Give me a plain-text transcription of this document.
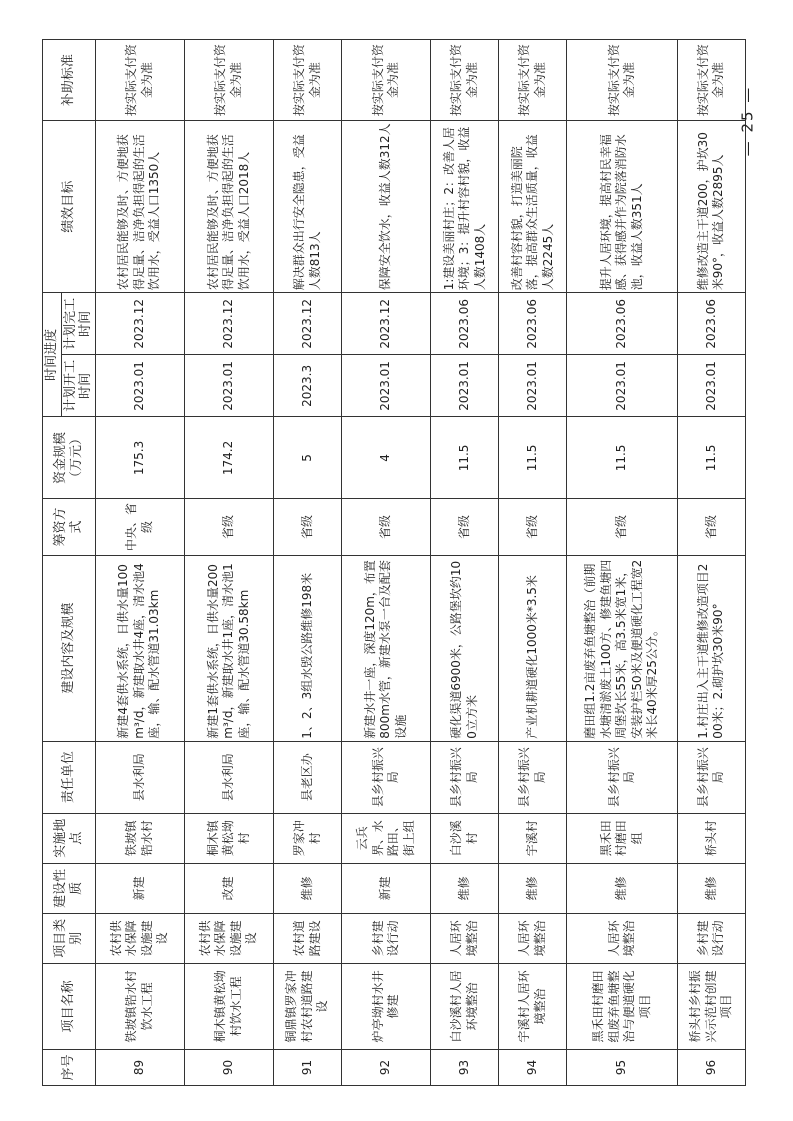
序号	项目名称	项目类别	建设性质	实施地点	责任单位	建设内容及规模	筹资方式	资金规模（万元）	时间进度		绩效目标	补助标准
									计划开工时间	计划完工时间		
89	铁坡镇锆水村饮水工程	农村供水保障设施建设	新建	铁坡镇锆水村	县水利局	新建4套供水系统，日供水量100m³/d，新建取水井4座，清水池4座，输、配水管道31.03km	中央、省级	175.3	2023.01	2023.12	农村居民能够及时、方便地获得足量、洁净负担得起的生活饮用水，受益人口1350人	按实际支付资金为准
90	桐木镇黄松坳村饮水工程	农村供水保障设施建设	改建	桐木镇黄松坳村	县水利局	新建1套供水系统，日供水量200m³/d，新建取水井1座，清水池1座，输、配水管道30.58km	省级	174.2	2023.01	2023.12	农村居民能够及时、方便地获得足量、洁净负担得起的生活饮用水，受益人口2018人	按实际支付资金为准
91	铜鼎镇罗家冲村农村道路建设	农村道路建设	维修	罗家冲村	县老区办	1、2、3组水毁公路维修198米	省级	5	2023.3	2023.12	解决群众出行安全隐患，受益人数813人	按实际支付资金为准
92	炉亭坳村水井修建	乡村建设行动	新建	云兵界、水路田、街上组	县乡村振兴局	新建水井一座，深度120m，布置800m水管，新建水泵一台及配套设施	省级	4	2023.01	2023.12	保障安全饮水，收益人数312人	按实际支付资金为准
93	白沙溪村人居环境整治	人居环境整治	维修	白沙溪村	县乡村振兴局	硬化渠道6900米，公路堡坎约100立方米	省级	11.5	2023.01	2023.06	1:建设美丽村庄；2：改善人居环境；3：提升村容村貌，收益人数1408人	按实际支付资金为准
94	宇溪村人居环境整治	人居环境整治	维修	宇溪村	县乡村振兴局	产业机耕道硬化1000米*3.5米	省级	11.5	2023.01	2023.06	改善村容村貌，打造美丽院落，提高群众生活质量，收益人数2245人	按实际支付资金为准
95	黑禾田村磨田组废弃鱼塘整治与便道硬化项目	人居环境整治	维修	黑禾田村磨田组	县乡村振兴局	磨田组1.2亩废弃鱼塘整治（前期水塘清淤废土100方、修建鱼塘四周堡坎长55米，高3.5米宽1米，安装护栏50米及便道硬化工程宽2米长40米厚25公分。	省级	11.5	2023.01	2023.06	提升人居环境，提高村民幸福感、获得感并作为院落消防水池，收益人数351人	按实际支付资金为准
96	桥头村乡村振兴示范村创建项目	乡村建设行动	维修	桥头村	县乡村振兴局	1.村庄出入主干道维修改造项目200米；2.砌护坎30米90°	省级	11.5	2023.01	2023.06	维修改造主干道200，护坎30米90°，收益人数2895人	按实际支付资金为准
— 25 —
